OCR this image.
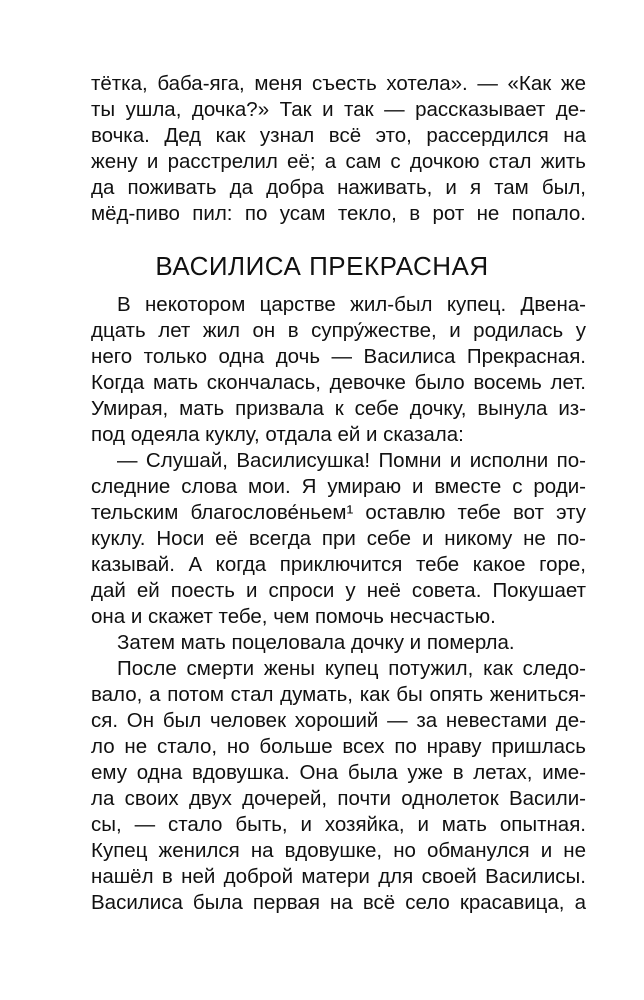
тётка, баба-яга, меня съесть хотела». — «Как же
ты ушла, дочка?» Так и так — рассказывает де-
вочка. Дед как узнал всё это, рассердился на
жену и расстрелил её; а сам с дочкою стал жить
да поживать да добра наживать, и я там был,
мёд-пиво пил: по усам текло, в рот не попало.
ВАСИЛИСА ПРЕКРАСНАЯ
В некотором царстве жил-был купец. Двена-
дцать лет жил он в супру́жестве, и родилась у
него только одна дочь — Василиса Прекрасная.
Когда мать скончалась, девочке было восемь лет.
Умирая, мать призвала к себе дочку, вынула из-
под одеяла куклу, отдала ей и сказала:
— Слушай, Василисушка! Помни и исполни по-
следние слова мои. Я умираю и вместе с роди-
тельским благослове́ньем¹ оставлю тебе вот эту
куклу. Носи её всегда при себе и никому не по-
казывай. А когда приключится тебе какое горе,
дай ей поесть и спроси у неё совета. Покушает
она и скажет тебе, чем помочь несчастью.
Затем мать поцеловала дочку и померла.
После смерти жены купец потужил, как следо-
вало, а потом стал думать, как бы опять жениться-
ся. Он был человек хороший — за невестами де-
ло не стало, но больше всех по нраву пришлась
ему одна вдовушка. Она была уже в летах, име-
ла своих двух дочерей, почти однолеток Васили-
сы, — стало быть, и хозяйка, и мать опытная.
Купец женился на вдовушке, но обманулся и не
нашёл в ней доброй матери для своей Василисы.
Василиса была первая на всё село красавица, а
